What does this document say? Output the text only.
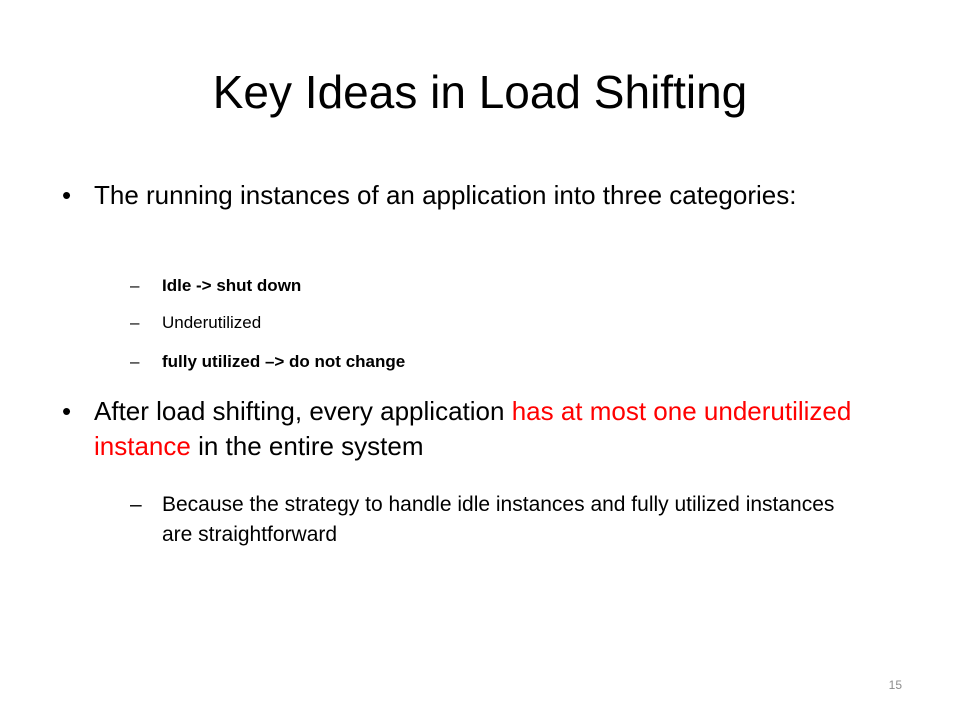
Key Ideas in Load Shifting
• The running instances of an application into three categories:
–	Idle -> shut down
–	Underutilized
–	fully utilized –> do not change
• After load shifting, every application has at most one underutilized instance in the entire system
– Because the strategy to handle idle instances and fully utilized instances are straightforward
15
